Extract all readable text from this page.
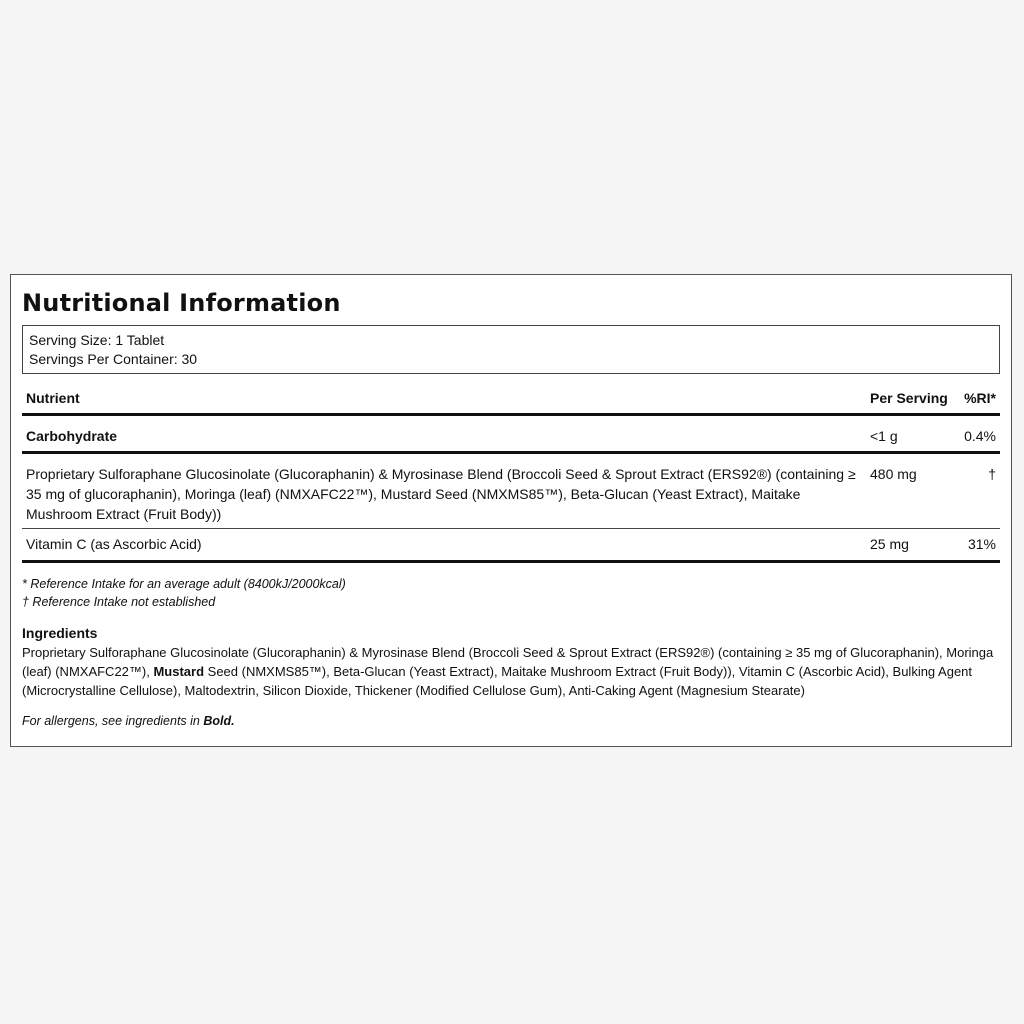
Nutritional Information
Serving Size: 1 Tablet
Servings Per Container: 30
Nutrient	Per Serving	%RI*
Carbohydrate	<1 g	0.4%
Proprietary Sulforaphane Glucosinolate (Glucoraphanin) & Myrosinase Blend (Broccoli Seed & Sprout Extract (ERS92®) (containing ≥ 35 mg of glucoraphanin), Moringa (leaf) (NMXAFC22™), Mustard Seed (NMXMS85™), Beta-Glucan (Yeast Extract), Maitake Mushroom Extract (Fruit Body))	480 mg	†
Vitamin C (as Ascorbic Acid)	25 mg	31%
* Reference Intake for an average adult (8400kJ/2000kcal)
† Reference Intake not established
Ingredients
Proprietary Sulforaphane Glucosinolate (Glucoraphanin) & Myrosinase Blend (Broccoli Seed & Sprout Extract (ERS92®) (containing ≥ 35 mg of Glucoraphanin), Moringa (leaf) (NMXAFC22™), Mustard Seed (NMXMS85™), Beta-Glucan (Yeast Extract), Maitake Mushroom Extract (Fruit Body)), Vitamin C (Ascorbic Acid), Bulking Agent (Microcrystalline Cellulose), Maltodextrin, Silicon Dioxide, Thickener (Modified Cellulose Gum), Anti-Caking Agent (Magnesium Stearate)
For allergens, see ingredients in Bold.
